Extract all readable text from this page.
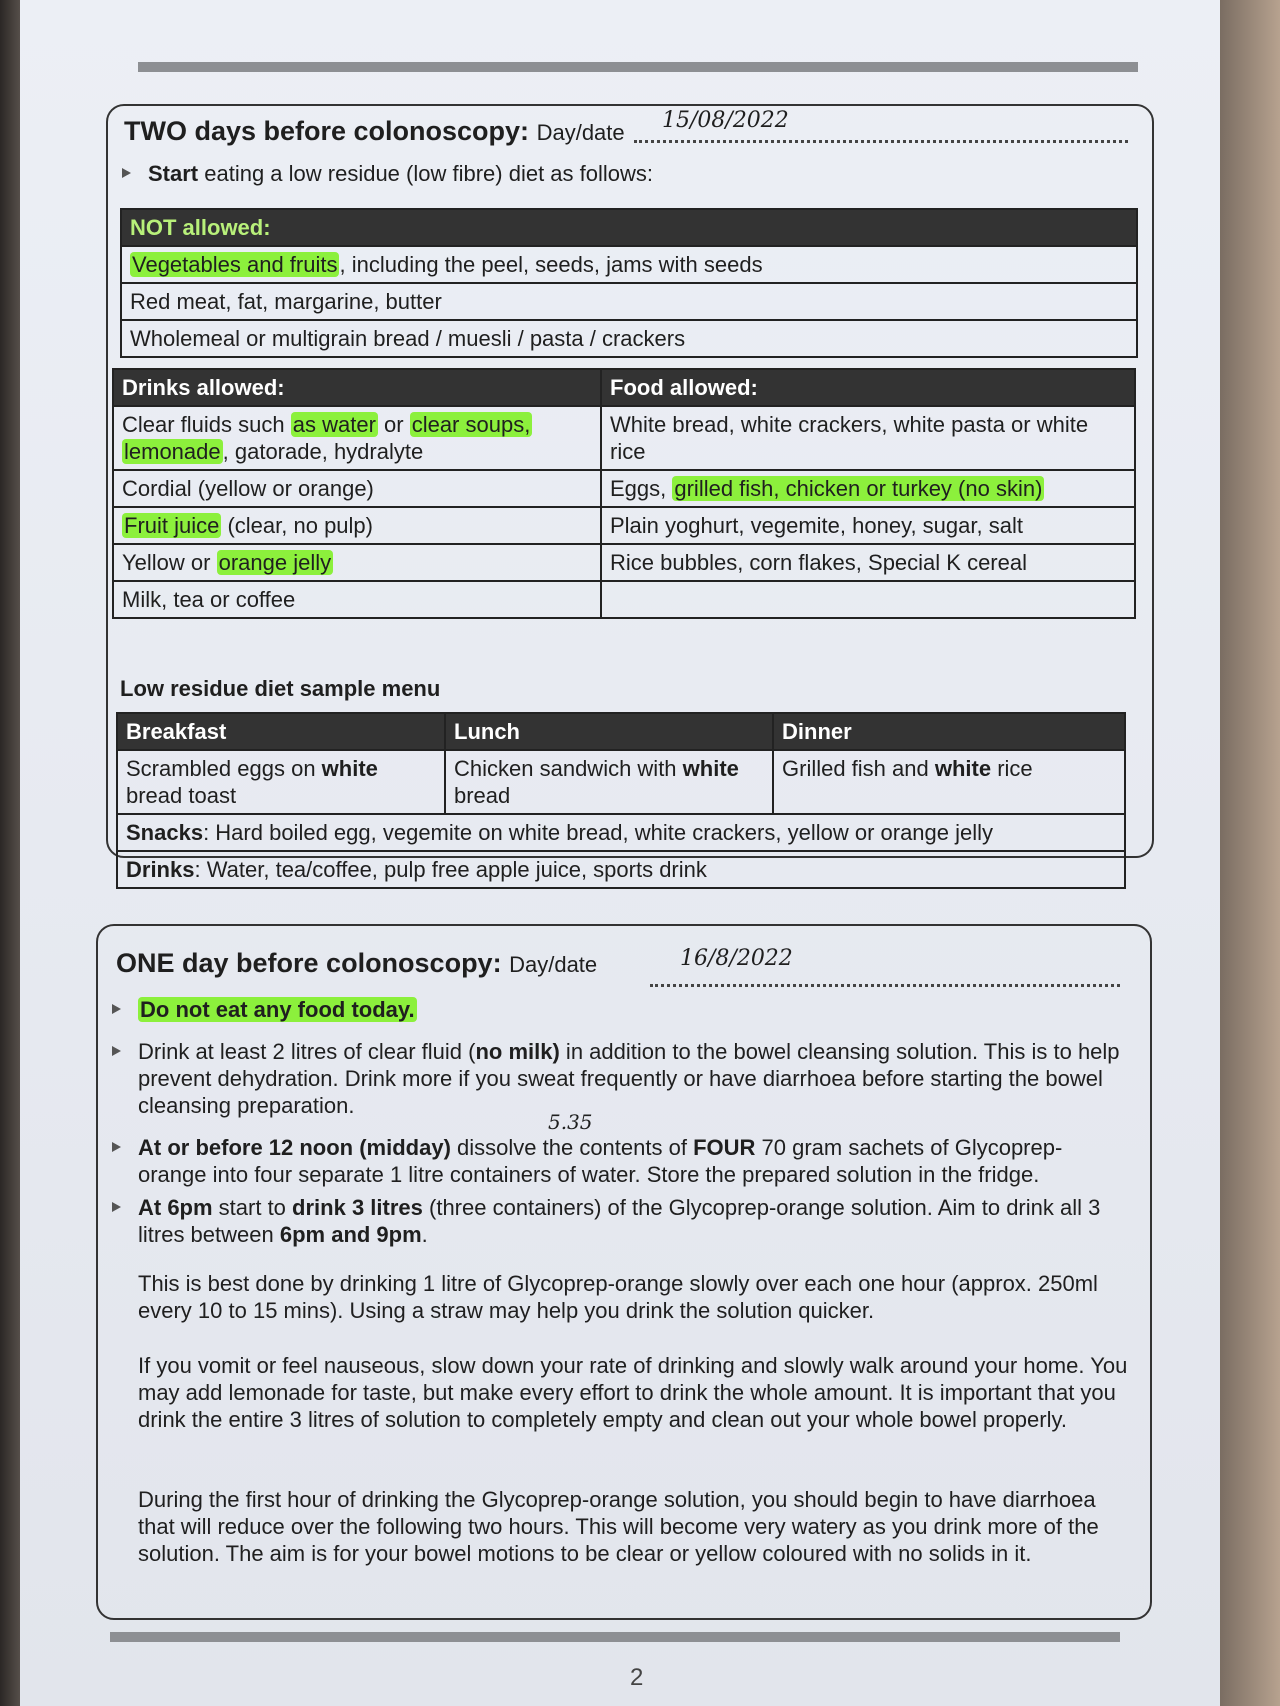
TWO days before colonoscopy: Day/date 15/08/2022
Start eating a low residue (low fibre) diet as follows:
NOT allowed:
Vegetables and fruits, including the peel, seeds, jams with seeds
Red meat, fat, margarine, butter
Wholemeal or multigrain bread / muesli / pasta / crackers
Drinks allowed:	Food allowed:
Clear fluids such as water or clear soups,
lemonade, gatorade, hydralyte	White bread, white crackers, white pasta or white rice
Cordial (yellow or orange)	Eggs, grilled fish, chicken or turkey (no skin)
Fruit juice (clear, no pulp)	Plain yoghurt, vegemite, honey, sugar, salt
Yellow or orange jelly	Rice bubbles, corn flakes, Special K cereal
Milk, tea or coffee	
Low residue diet sample menu
Breakfast	Lunch	Dinner
Scrambled eggs on white bread toast	Chicken sandwich with white bread	Grilled fish and white rice
Snacks: Hard boiled egg, vegemite on white bread, white crackers, yellow or orange jelly		
Drinks: Water, tea/coffee, pulp free apple juice, sports drink		
ONE day before colonoscopy: Day/date	16/8/2022
Do not eat any food today.
Drink at least 2 litres of clear fluid (no milk) in addition to the bowel cleansing solution. This is to help prevent dehydration. Drink more if you sweat frequently or have diarrhoea before starting the bowel cleansing preparation.
5.35
At or before 12 noon (midday) dissolve the contents of FOUR 70 gram sachets of Glycoprep-orange into four separate 1 litre containers of water. Store the prepared solution in the fridge.
At 6pm start to drink 3 litres (three containers) of the Glycoprep-orange solution. Aim to drink all 3 litres between 6pm and 9pm.
This is best done by drinking 1 litre of Glycoprep-orange slowly over each one hour (approx. 250ml every 10 to 15 mins). Using a straw may help you drink the solution quicker.
If you vomit or feel nauseous, slow down your rate of drinking and slowly walk around your home. You may add lemonade for taste, but make every effort to drink the whole amount. It is important that you drink the entire 3 litres of solution to completely empty and clean out your whole bowel properly.
During the first hour of drinking the Glycoprep-orange solution, you should begin to have diarrhoea that will reduce over the following two hours. This will become very watery as you drink more of the solution. The aim is for your bowel motions to be clear or yellow coloured with no solids in it.
2
